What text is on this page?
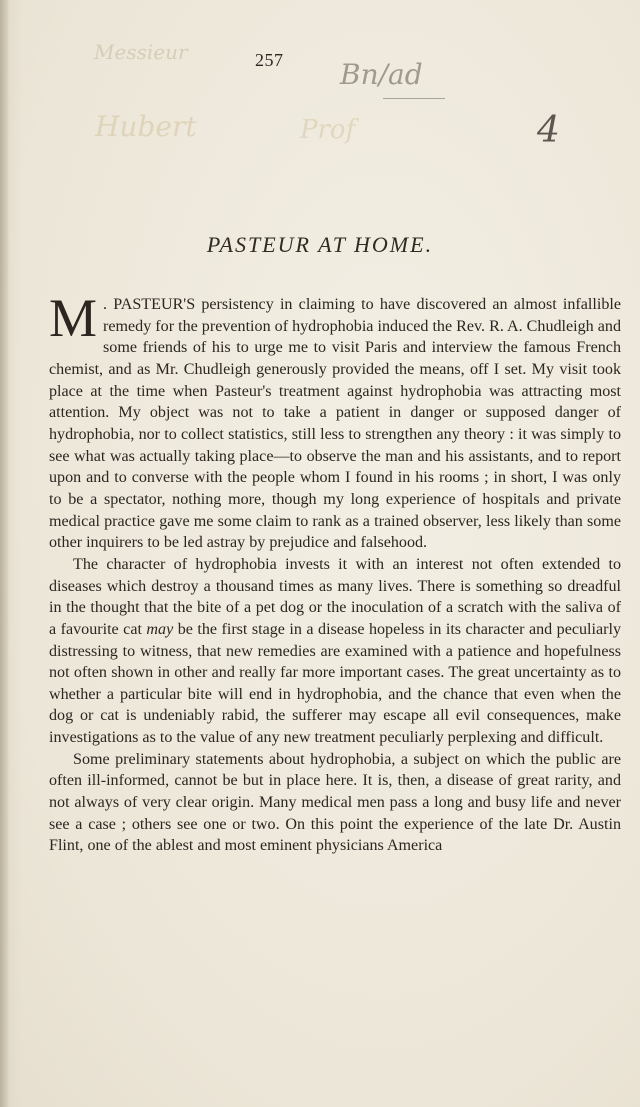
257
Messieur
Bn/ad
Hubert	Prof	4
PASTEUR AT HOME.

M . PASTEUR'S persistency in claiming to have discovered an almost infallible remedy for the prevention of hydrophobia induced the Rev. R. A. Chudleigh and some friends of his to urge me to visit Paris and interview the famous French chemist, and as Mr. Chudleigh generously provided the means, off I set. My visit took place at the time when Pasteur's treatment against hydrophobia was attracting most attention. My object was not to take a patient in danger or supposed danger of hydrophobia, nor to collect statistics, still less to strengthen any theory : it was simply to see what was actually taking place—to observe the man and his assistants, and to report upon and to converse with the people whom I found in his rooms ; in short, I was only to be a spectator, nothing more, though my long experience of hospitals and private medical practice gave me some claim to rank as a trained observer, less likely than some other inquirers to be led astray by prejudice and falsehood.

The character of hydrophobia invests it with an interest not often extended to diseases which destroy a thousand times as many lives. There is something so dreadful in the thought that the bite of a pet dog or the inoculation of a scratch with the saliva of a favourite cat may be the first stage in a disease hopeless in its character and peculiarly distressing to witness, that new remedies are examined with a patience and hopefulness not often shown in other and really far more important cases. The great uncertainty as to whether a particular bite will end in hydrophobia, and the chance that even when the dog or cat is undeniably rabid, the sufferer may escape all evil consequences, make investigations as to the value of any new treatment peculiarly perplexing and difficult.

Some preliminary statements about hydrophobia, a subject on which the public are often ill-informed, cannot be but in place here. It is, then, a disease of great rarity, and not always of very clear origin. Many medical men pass a long and busy life and never see a case ; others see one or two. On this point the experience of the late Dr. Austin Flint, one of the ablest and most eminent physicians America
